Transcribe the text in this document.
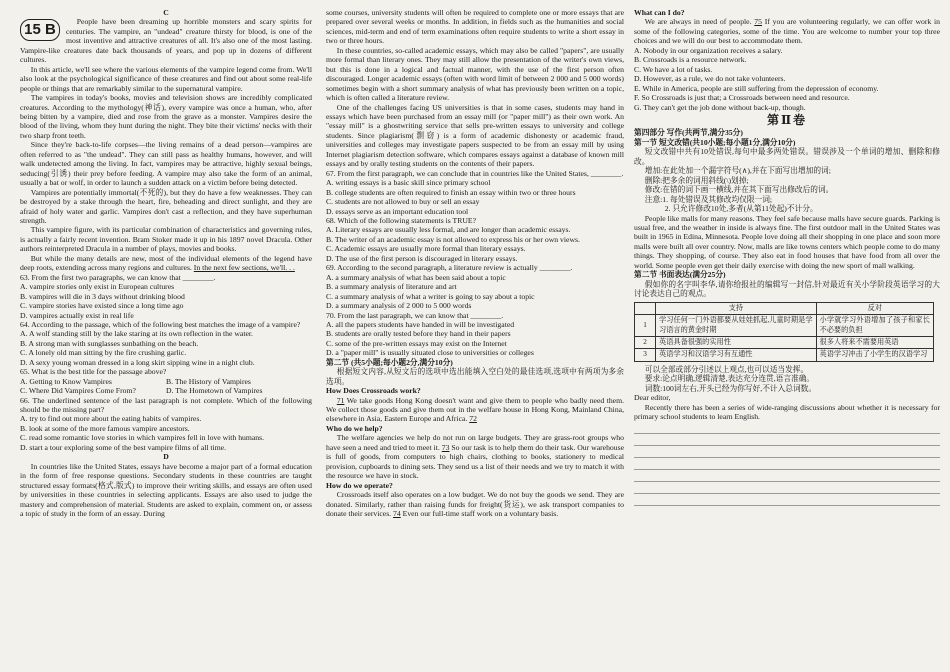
C
15 B	People have been dreaming up horrible monsters and scary spirits for centuries. The vampire, an "undead" creature thirsty for blood, is one of the most inventive and attractive creatures of all. It's also one of the most lasting. Vampire-like creatures date back thousands of years, and pop up in dozens of different cultures.

In this article, we'll see where the various elements of the vampire legend come from. We'll also look at the psychological significance of these creatures and find out about some real-life people or things that are remarkably similar to the supernatural vampire.

The vampires in today's books, movies and television shows are incredibly complicated creatures. According to the mythology(神话), every vampire was once a human, who, after being bitten by a vampire, died and rose from the grave as a monster. Vampires desire the blood of the living, whom they hunt during the night. They bite their victims' necks with their two sharp front teeth.

Since they're back-to-life corpses—the living remains of a dead person—vampires are often referred to as "the undead". They can still pass as healthy humans, however, and will walk undetected among the living. In fact, vampires may be attractive, highly sexual beings, seducing(引诱) their prey before feeding. A vampire may also take the form of an animal, usually a bat or wolf, in order to launch a sudden attack on a victim before being detected.

Vampires are potentially immortal(不死的), but they do have a few weaknesses. They can be destroyed by a stake through the heart, fire, beheading and direct sunlight, and they are afraid of holy water and garlic. Vampires don't cast a reflection, and they have superhuman strength.

This vampire figure, with its particular combination of characteristics and governing rules, is actually a fairly recent invention. Bram Stoker made it up in his 1897 novel Dracula. Other authors reinterpreted Dracula in a number of plays, movies and books.

But while the many details are new, most of the individual elements of the legend have deep roots, extending across many regions and cultures. In the next few sections, we'll. . .

63. From the first two paragraphs, we can know that ________.
A. vampire stories only exist in European cultures
B. vampires will die in 3 days without drinking blood
C. vampire stories have existed since a long time ago
D. vampires actually exist in real life
64. According to the passage, which of the following best matches the image of a vampire?
A. A wolf standing still by the lake staring at its own reflection in the water.
B. A strong man with sunglasses sunbathing on the beach.
C. A lonely old man sitting by the fire crushing garlic.
D. A sexy young woman dressed in a long skirt sipping wine in a night club.
65. What is the best title for the passage above?
A. Getting to Know Vampires	B. The History of Vampires
C. Where Did Vampires Come From?	D. The Hometown of Vampires
66. The underlined sentence of the last paragraph is not complete. Which of the following should be the missing part?
A. try to find out more about the eating habits of vampires.
B. look at some of the more famous vampire ancestors.
C. read some romantic love stories in which vampires fell in love with humans.
D. start a tour exploring some of the best vampire films of all time.
D

In countries like the United States, essays have become a major part of a formal education in the form of free response questions. Secondary students in these countries are taught structured essay formats(格式,版式) to improve their writing skills, and essays are often used by universities in these countries in selecting applicants. Essays are also used to judge the mastery and comprehension of material. Students are asked to explain, comment on, or assess a topic of study in the form of an essay. During

some courses, university students will often be required to complete one or more essays that are prepared over several weeks or months. In addition, in fields such as the humanities and social sciences, mid-term and end of term examinations often require students to write a short essay in two or three hours.

In these countries, so-called academic essays, which may also be called "papers", are usually more formal than literary ones. They may still allow the presentation of the writer's own views, but this is done in a logical and factual manner, with the use of the first person often discouraged. Longer academic essays (often with word limit of between 2 000 and 5 000 words) sometimes begin with a short summary analysis of what has previously been written on a topic, which is often called a literature review.

One of the challenges facing US universities is that in some cases, students may hand in essays which have been purchased from an essay mill (or "paper mill") as their own work. An "essay mill" is a ghostwriting service that sells pre-written essays to university and college students. Since plagiarism(剽窃) is a form of academic dishonesty or academic fraud, universities and colleges may investigate papers suspected to be from an essay mill by using Internet plagiarism detection software, which compares essays against a database of known mill essays and by orally testing students on the contents of their papers.

67. From the first paragraph, we can conclude that in countries like the United States, ________.
A. writing essays is a basic skill since primary school
B. college students are often required to finish an essay within two or three hours
C. students are not allowed to buy or sell an essay
D. essays serve as an important education tool
68. Which of the following statements is TRUE?
A. Literary essays are usually less formal, and are longer than academic essays.
B. The writer of an academic essay is not allowed to express his or her own views.
C. Academic essays are usually more formal than literary essays.
D. The use of the first person is discouraged in literary essays.
69. According to the second paragraph, a literature review is actually ________.
A. a summary analysis of what has been said about a topic
B. a summary analysis of literature and art
C. a summary analysis of what a writer is going to say about a topic
D. a summary analysis of 2 000 to 5 000 words
70. From the last paragraph, we can know that ________.
A. all the papers students have handed in will be investigated
B. students are orally tested before they hand in their papers
C. some of the pre-written essays may exist on the Internet
D. a "paper mill" is usually situated close to universities or colleges
第二节 (共5小题;每小题2分,满分10分)

根据短文内容,从短文后的选项中选出能填入空白处的最佳选项,选项中有两项为多余选项。

How Does Crossroads work?

71 We take goods Hong Kong doesn't want and give them to people who badly need them. We collect those goods and give them out in the welfare house in Hong Kong, Mainland China, elsewhere in Asia, Eastern Europe and Africa. 72

Who do we help?

The welfare agencies we help do not run on large budgets. They are grass-root groups who have seen a need and tried to meet it. 73 So our task is to help them do their task. Our warehouse is full of goods, from computers to high chairs, clothing to books, stationery to medical provision, cupboards to dining sets. They send us a list of their needs and we try to match it with the resource we have in stock.

How do we operate?

Crossroads itself also operates on a low budget. We do not buy the goods we send. They are donated. Similarly, rather than raising funds for freight(货运), we ask transport companies to donate their services. 74 Even our full-time staff work on a voluntary basis.

What can I do?

We are always in need of people. 75 If you are volunteering regularly, we can offer work in some of the following categories, some of the time. You are welcome to number your top three choices and we will do our best to accommodate them.

A. Nobody in our organization receives a salary.
B. Crossroads is a resource network.
C. We have a lot of tasks.
D. However, as a rule, we do not take volunteers.
E. While in America, people are still suffering from the depression of economy.
F. So Crossroads is just that; a Crossroads between need and resource.
G. They can't get the job done without back-up, though.
第Ⅱ卷
第四部分 写作(共两节,满分35分)
第一节 短文改错(共10小题;每小题1分,满分10分)

短文改错中共有10处错误,每句中最多两处错误。错误涉及一个单词的增加、删除和修改。

增加:在此处加一个漏字符号(∧),并在下面写出增加的词;

删除:把多余的词用斜线(\)划掉;

修改:在错的词下画一横线,并在其下面写出修改后的词。

注意:1. 每处错误及其修改均仅限一词;

2. 只允许修改10处,多者(从第11处起)不计分。

People like malls for many reasons. They feel safe because malls have secure guards. Parking is usual free, and the weather in inside is always fine. The first outdoor mall in the United States was built in 1965 in Edina, Minnesota. People love doing all their shopping in one place and soon more malls were built all over country. Now, malls are like towns centers which people come to do many things. They shopping, of course. They also eat in food houses that have food from all over the world. Some people even get their daily exercise with doing the new sport of mall walking.

第二节 书面表达(满分25分)

假如你的名字叫李华,请你给报社的编辑写一封信,针对最近有关小学阶段英语学习的大讨论表达自己的观点。

	支持	反对
1	学习任何一门外语都要从娃娃抓起,儿童时期是学习语言的黄金时期	小学就学习外语增加了孩子和家长不必要的负担
2	英语具备很强的实用性	很多人将来不需要用英语
3	英语学习和汉语学习有互通性	英语学习冲击了小学生的汉语学习

可以全部或部分引述以上观点,也可以适当发挥。

要求:论点明确,逻辑清楚,表达充分连贯,语言准确。

词数:100词左右,开头已经为你写好,不计入总词数。

Dear editor,

Recently there has been a series of wide-ranging discussions about whether it is necessary for primary school students to learn English.
